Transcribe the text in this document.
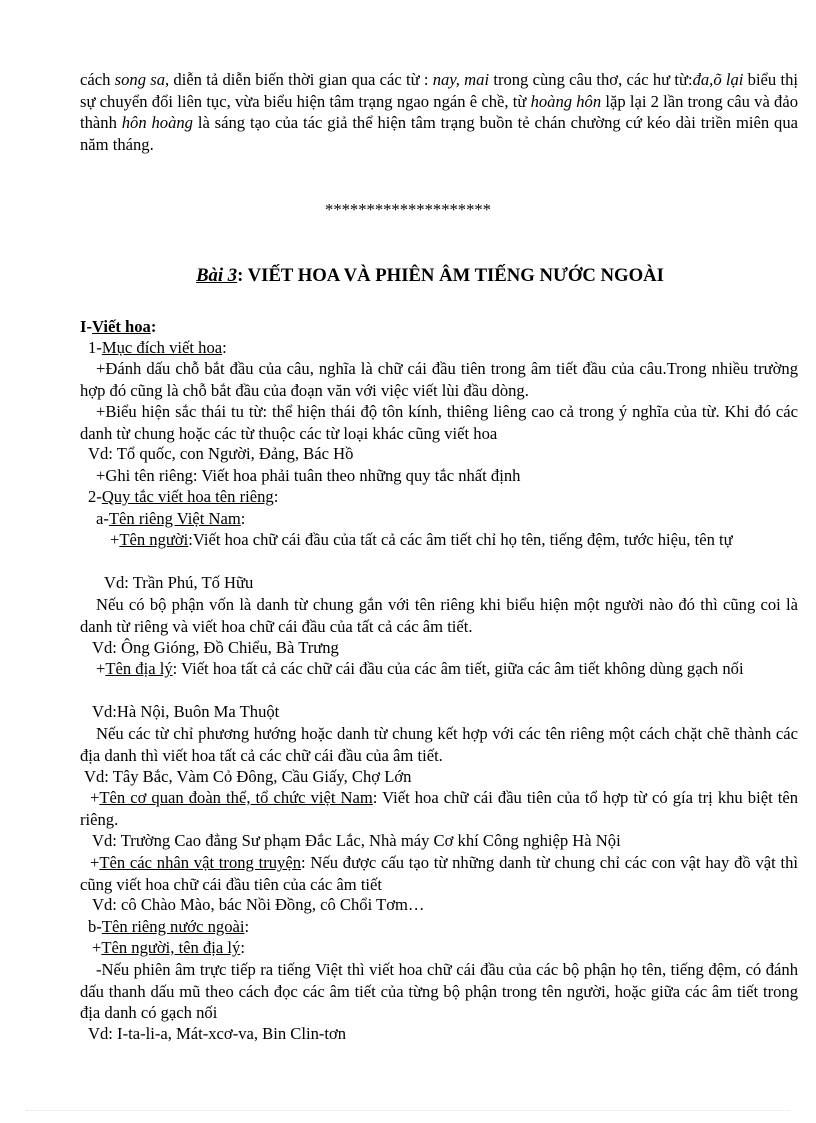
cách song sa, diễn tả diễn biến thời gian qua các từ : nay, mai trong cùng câu thơ, các hư từ:đa,õ lại biểu thị sự chuyển đổi liên tục, vừa biểu hiện tâm trạng ngao ngán ê chề, từ hoàng hôn lặp lại 2 lần trong câu và đảo thành hôn hoàng là sáng tạo của tác giả thể hiện tâm trạng buồn tẻ chán chường cứ kéo dài triền miên qua năm tháng.

********************
Bài 3: VIẾT HOA VÀ PHIÊN ÂM TIẾNG NƯỚC NGOÀI
I-Viết hoa:
1-Mục đích viết hoa:

+Đánh dấu chỗ bắt đầu của câu, nghĩa là chữ cái đầu tiên trong âm tiết đầu của câu.Trong nhiều trường hợp đó cũng là chỗ bắt đầu của đoạn văn với việc viết lùi đầu dòng.

+Biểu hiện sắc thái tu từ: thể hiện thái độ tôn kính, thiêng liêng cao cả trong ý nghĩa của từ. Khi đó các danh từ chung hoặc các từ thuộc các từ loại khác cũng viết hoa

Vd: Tổ quốc, con Người, Đảng, Bác Hồ
+Ghi tên riêng: Viết hoa phải tuân theo những quy tắc nhất định
2-Quy tắc viết hoa tên riêng:
a-Tên riêng Việt Nam:

+Tên người:Viết hoa chữ cái đầu của tất cả các âm tiết chỉ họ tên, tiếng đệm, tước hiệu, tên tự

Vd: Trần Phú, Tố Hữu

Nếu có bộ phận vốn là danh từ chung gắn với tên riêng khi biểu hiện một người nào đó thì cũng coi là danh từ riêng và viết hoa chữ cái đầu của tất cả các âm tiết.

Vd: Ông Gióng, Đồ Chiểu, Bà Trưng

+Tên địa lý: Viết hoa tất cả các chữ cái đầu của các âm tiết, giữa các âm tiết không dùng gạch nối

Vd:Hà Nội, Buôn Ma Thuột

Nếu các từ chỉ phương hướng hoặc danh từ chung kết hợp với các tên riêng một cách chặt chẽ thành các địa danh thì viết hoa tất cả các chữ cái đầu của âm tiết.

Vd: Tây Bắc, Vàm Cỏ Đông, Cầu Giấy, Chợ Lớn

+Tên cơ quan đoàn thể, tổ chức việt Nam: Viết hoa chữ cái đầu tiên của tổ hợp từ có gía trị khu biệt tên riêng.

Vd: Trường Cao đẳng Sư phạm Đắc Lắc, Nhà máy Cơ khí Công nghiệp Hà Nội

+Tên các nhân vật trong truyện: Nếu được cấu tạo từ những danh từ chung chỉ các con vật hay đồ vật thì cũng viết hoa chữ cái đầu tiên của các âm tiết

Vd: cô Chào Mào, bác Nồi Đồng, cô Chổi Tơm…
b-Tên riêng nước ngoài:
+Tên người, tên địa lý:

-Nếu phiên âm trực tiếp ra tiếng Việt thì viết hoa chữ cái đầu của các bộ phận họ tên, tiếng đệm, có đánh dấu thanh dấu mũ theo cách đọc các âm tiết của từng bộ phận trong tên người, hoặc giữa các âm tiết trong địa danh có gạch nối

Vd: I-ta-li-a, Mát-xcơ-va, Bin Clin-tơn
